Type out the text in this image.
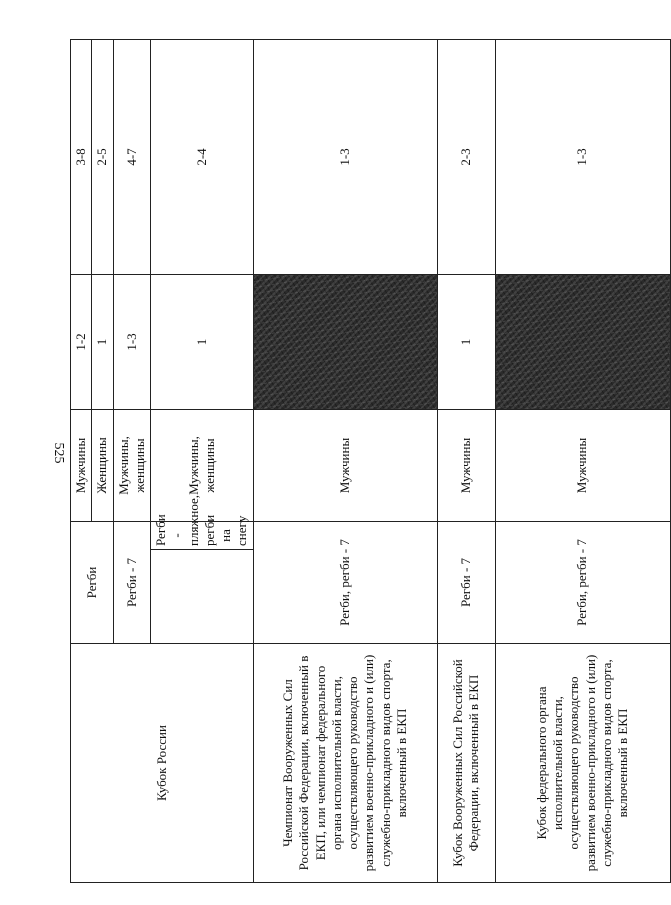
525
Кубок России	Регби		Мужчины	1-2	3-8
			Женщины	1	2-5
	Регби - 7		Мужчины, женщины	1-3	4-7
		Регби - пляжное, регби на снегу	Мужчины, женщины	1	2-4

Чемпионат Вооруженных Сил Российской Федерации, включенный в ЕКП, или чемпионат федерального органа исполнительной власти, осуществляющего руководство развитием военно-прикладного и (или) служебно-прикладного видов спорта, включенный в ЕКП	Регби, регби - 7		Мужчины		1-3
Кубок Вооруженных Сил Российской Федерации, включенный в ЕКП	Регби - 7		Мужчины	1	2-3
Кубок федерального органа исполнительной власти, осуществляющего руководство развитием военно-прикладного и (или) служебно-прикладного видов спорта, включенный в ЕКП	Регби, регби - 7		Мужчины		1-3
